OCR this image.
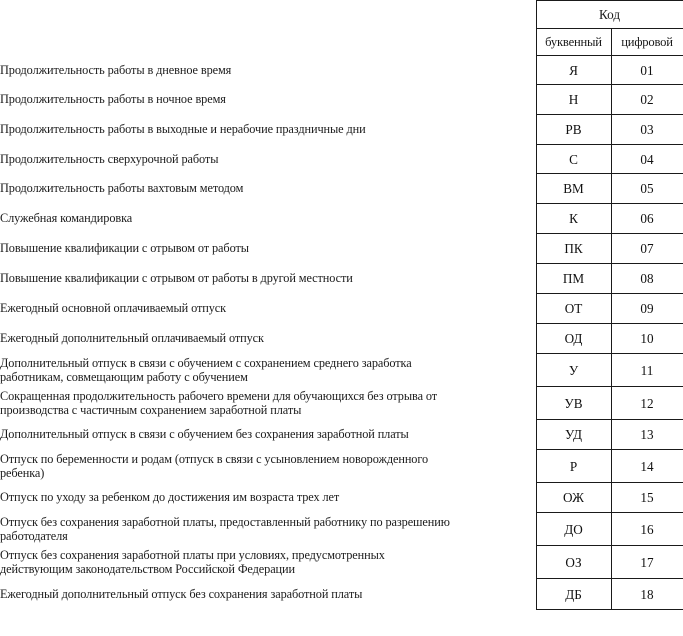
	Код	
	буквенный	цифровой

Продолжительность работы в дневное время	Я	01

Продолжительность работы в ночное время	Н	02

Продолжительность работы в выходные и нерабочие праздничные дни	РВ	03

Продолжительность сверхурочной работы	С	04

Продолжительность работы вахтовым методом	ВМ	05

Служебная командировка	К	06

Повышение квалификации с отрывом от работы	ПК	07

Повышение квалификации с отрывом от работы в другой местности	ПМ	08

Ежегодный основной оплачиваемый отпуск	ОТ	09

Ежегодный дополнительный оплачиваемый отпуск	ОД	10

Дополнительный отпуск в связи с обучением с сохранением среднего заработка
работникам, совмещающим работу с обучением	У	11

Сокращенная продолжительность рабочего времени для обучающихся без отрыва от
производства с частичным сохранением заработной платы	УВ	12

Дополнительный отпуск в связи с обучением без сохранения заработной платы	УД	13

Отпуск по беременности и родам (отпуск в связи с усыновлением новорожденного
ребенка)	Р	14

Отпуск по уходу за ребенком до достижения им возраста трех лет	ОЖ	15

Отпуск без сохранения заработной платы, предоставленный работнику по разрешению
работодателя	ДО	16

Отпуск без сохранения заработной платы при условиях, предусмотренных
действующим законодательством Российской Федерации	ОЗ	17

Ежегодный дополнительный отпуск без сохранения заработной платы	ДБ	18
